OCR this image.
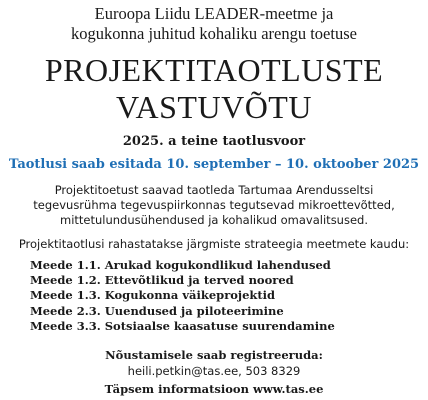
Euroopa Liidu LEADER-meetme ja
kogukonna juhitud kohaliku arengu toetuse
PROJEKTITAOTLUSTE
VASTUVÕTU
2025. a teine taotlusvoor
Taotlusi saab esitada 10. september – 10. oktoober 2025
Projektitoetust saavad taotleda Tartumaa Arendusseltsi
tegevusrühma tegevuspiirkonnas tegutsevad mikroettevõtted,
mittetulundusühendused ja kohalikud omavalitsused.
Projektitaotlusi rahastatakse järgmiste strateegia meetmete kaudu:
Meede 1.1. Arukad kogukondlikud lahendused
Meede 1.2. Ettevõtlikud ja terved noored
Meede 1.3. Kogukonna väikeprojektid
Meede 2.3. Uuendused ja piloteerimine
Meede 3.3. Sotsiaalse kaasatuse suurendamine
Nõustamisele saab registreeruda:
heili.petkin@tas.ee, 503 8329
Täpsem informatsioon www.tas.ee
